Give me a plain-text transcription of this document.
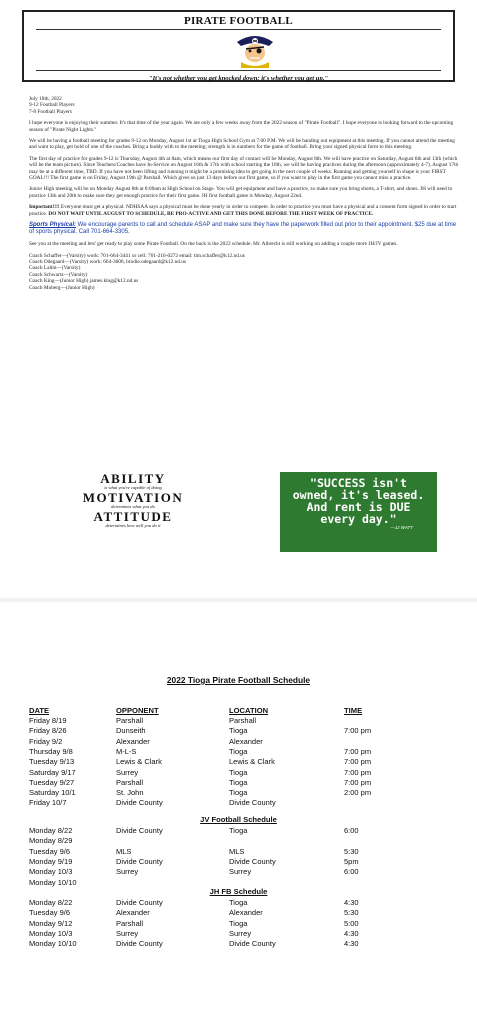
PIRATE FOOTBALL
"It's not whether you get knocked down; it's whether you get up."

July 18th, 2022

9-12 Football Players

7-8 Football Players

I hope everyone is enjoying their summer. It's that time of the year again. We are only a few weeks away from the 2022 season of "Pirate Football". I hope everyone is looking forward to the upcoming season of "Pirate Night Lights."

We will be having a football meeting for grades 9-12 on Monday, August 1st at Tioga High School Gym at 7:00 P.M. We will be handing out equipment at this meeting. If you cannot attend the meeting and want to play, get hold of one of the coaches. Bring a buddy with to the meeting; strength is in numbers for the game of football. Bring your signed physical form to this meeting.

The first day of practice for grades 9-12 is Thursday, August 4th at 8am, which means our first day of contact will be Monday, August 8th. We will have practice on Saturday, August 6th and 13th (which will be the team picture). Since Teachers/Coaches have In-Service on August 16th & 17th with school starting the 18th, we will be having practices during the afternoon (approximately 4-7). August 17th may be at a different time, TBD. If you have not been lifting and running it might be a promising idea to get going in the next couple of weeks. Running and getting yourself in shape is your FIRST GOAL!!! The first game is on Friday, August 19th @ Parshall. Which gives us just 13 days before our first game, so if you want to play in the first game you cannot miss a practice.

Junior High meeting will be on Monday August 8th at 8:00am at High School on Stage. You will get equipment and have a practice, so make sure you bring shorts, a T-shirt, and shoes. JH will need to practice 13th and 20th to make sure they get enough practice for their first game. JH first football game is Monday, August 22nd.

Important!!!! Everyone must get a physical. NDHSAA says a physical must be done yearly in order to compete. In order to practice you must have a physical and a consent form signed in order to start practice. DO NOT WAIT UNTIL AUGUST TO SCHEDULE, BE PRO-ACTIVE AND GET THIS DONE BEFORE THE FIRST WEEK OF PRACTICE.

Sports Physical: We encourage parents to call and schedule ASAP and make sure they have the paperwork filled out prior to their appointment. $25 due at time of sports physical. Call 701-664-3305.

See you at the meeting and lets' get ready to play some Pirate Football. On the back is the 2022 schedule. Mr. Albrecht is still working on adding a couple more JH/JV games.

Coach Schaffer—(Varsity) work: 701-664-3441 or cell: 701-216-0272 email: tim.schaffer@k12.nd.us

Coach Odegaard—(Varsity) work: 664-3606, brodie.odegaard@k12.nd.us

Coach Lalim—(Varsity)

Coach Schwartz—(Varsity)

Coach King—(Junior High) james.king@k12.nd.us

Coach Moberg—(Junior High)

ABILITY
is what you're capable of doing
MOTIVATION
determines what you do
ATTITUDE
determines how well you do it
"SUCCESS isn't
owned, it's leased.
And rent is DUE
every day."
—JJ WATT
2022 Tioga Pirate Football Schedule
DATE	OPPONENT	LOCATION	TIME
Friday 8/19	Parshall	Parshall
Friday 8/26	Dunseith	Tioga	7:00 pm
Friday 9/2	Alexander	Alexander
Thursday 9/8	M-L-S	Tioga	7:00 pm
Tuesday 9/13	Lewis & Clark	Lewis & Clark	7:00 pm
Saturday 9/17	Surrey	Tioga	7:00 pm
Tuesday 9/27	Parshall	Tioga	7:00 pm
Saturday 10/1	St. John	Tioga	2:00 pm
Friday 10/7	Divide County	Divide County
JV Football Schedule
Monday 8/22	Divide County	Tioga	6:00
Monday 8/29
Tuesday 9/6	MLS	MLS	5:30
Monday 9/19	Divide County	Divide County	5pm
Monday 10/3	Surrey	Surrey	6:00
Monday 10/10
JH FB Schedule
Monday 8/22	Divide County	Tioga	4:30
Tuesday 9/6	Alexander	Alexander	5:30
Monday 9/12	Parshall	Tioga	5:00
Monday 10/3	Surrey	Surrey	4:30
Monday 10/10	Divide County	Divide County	4:30
